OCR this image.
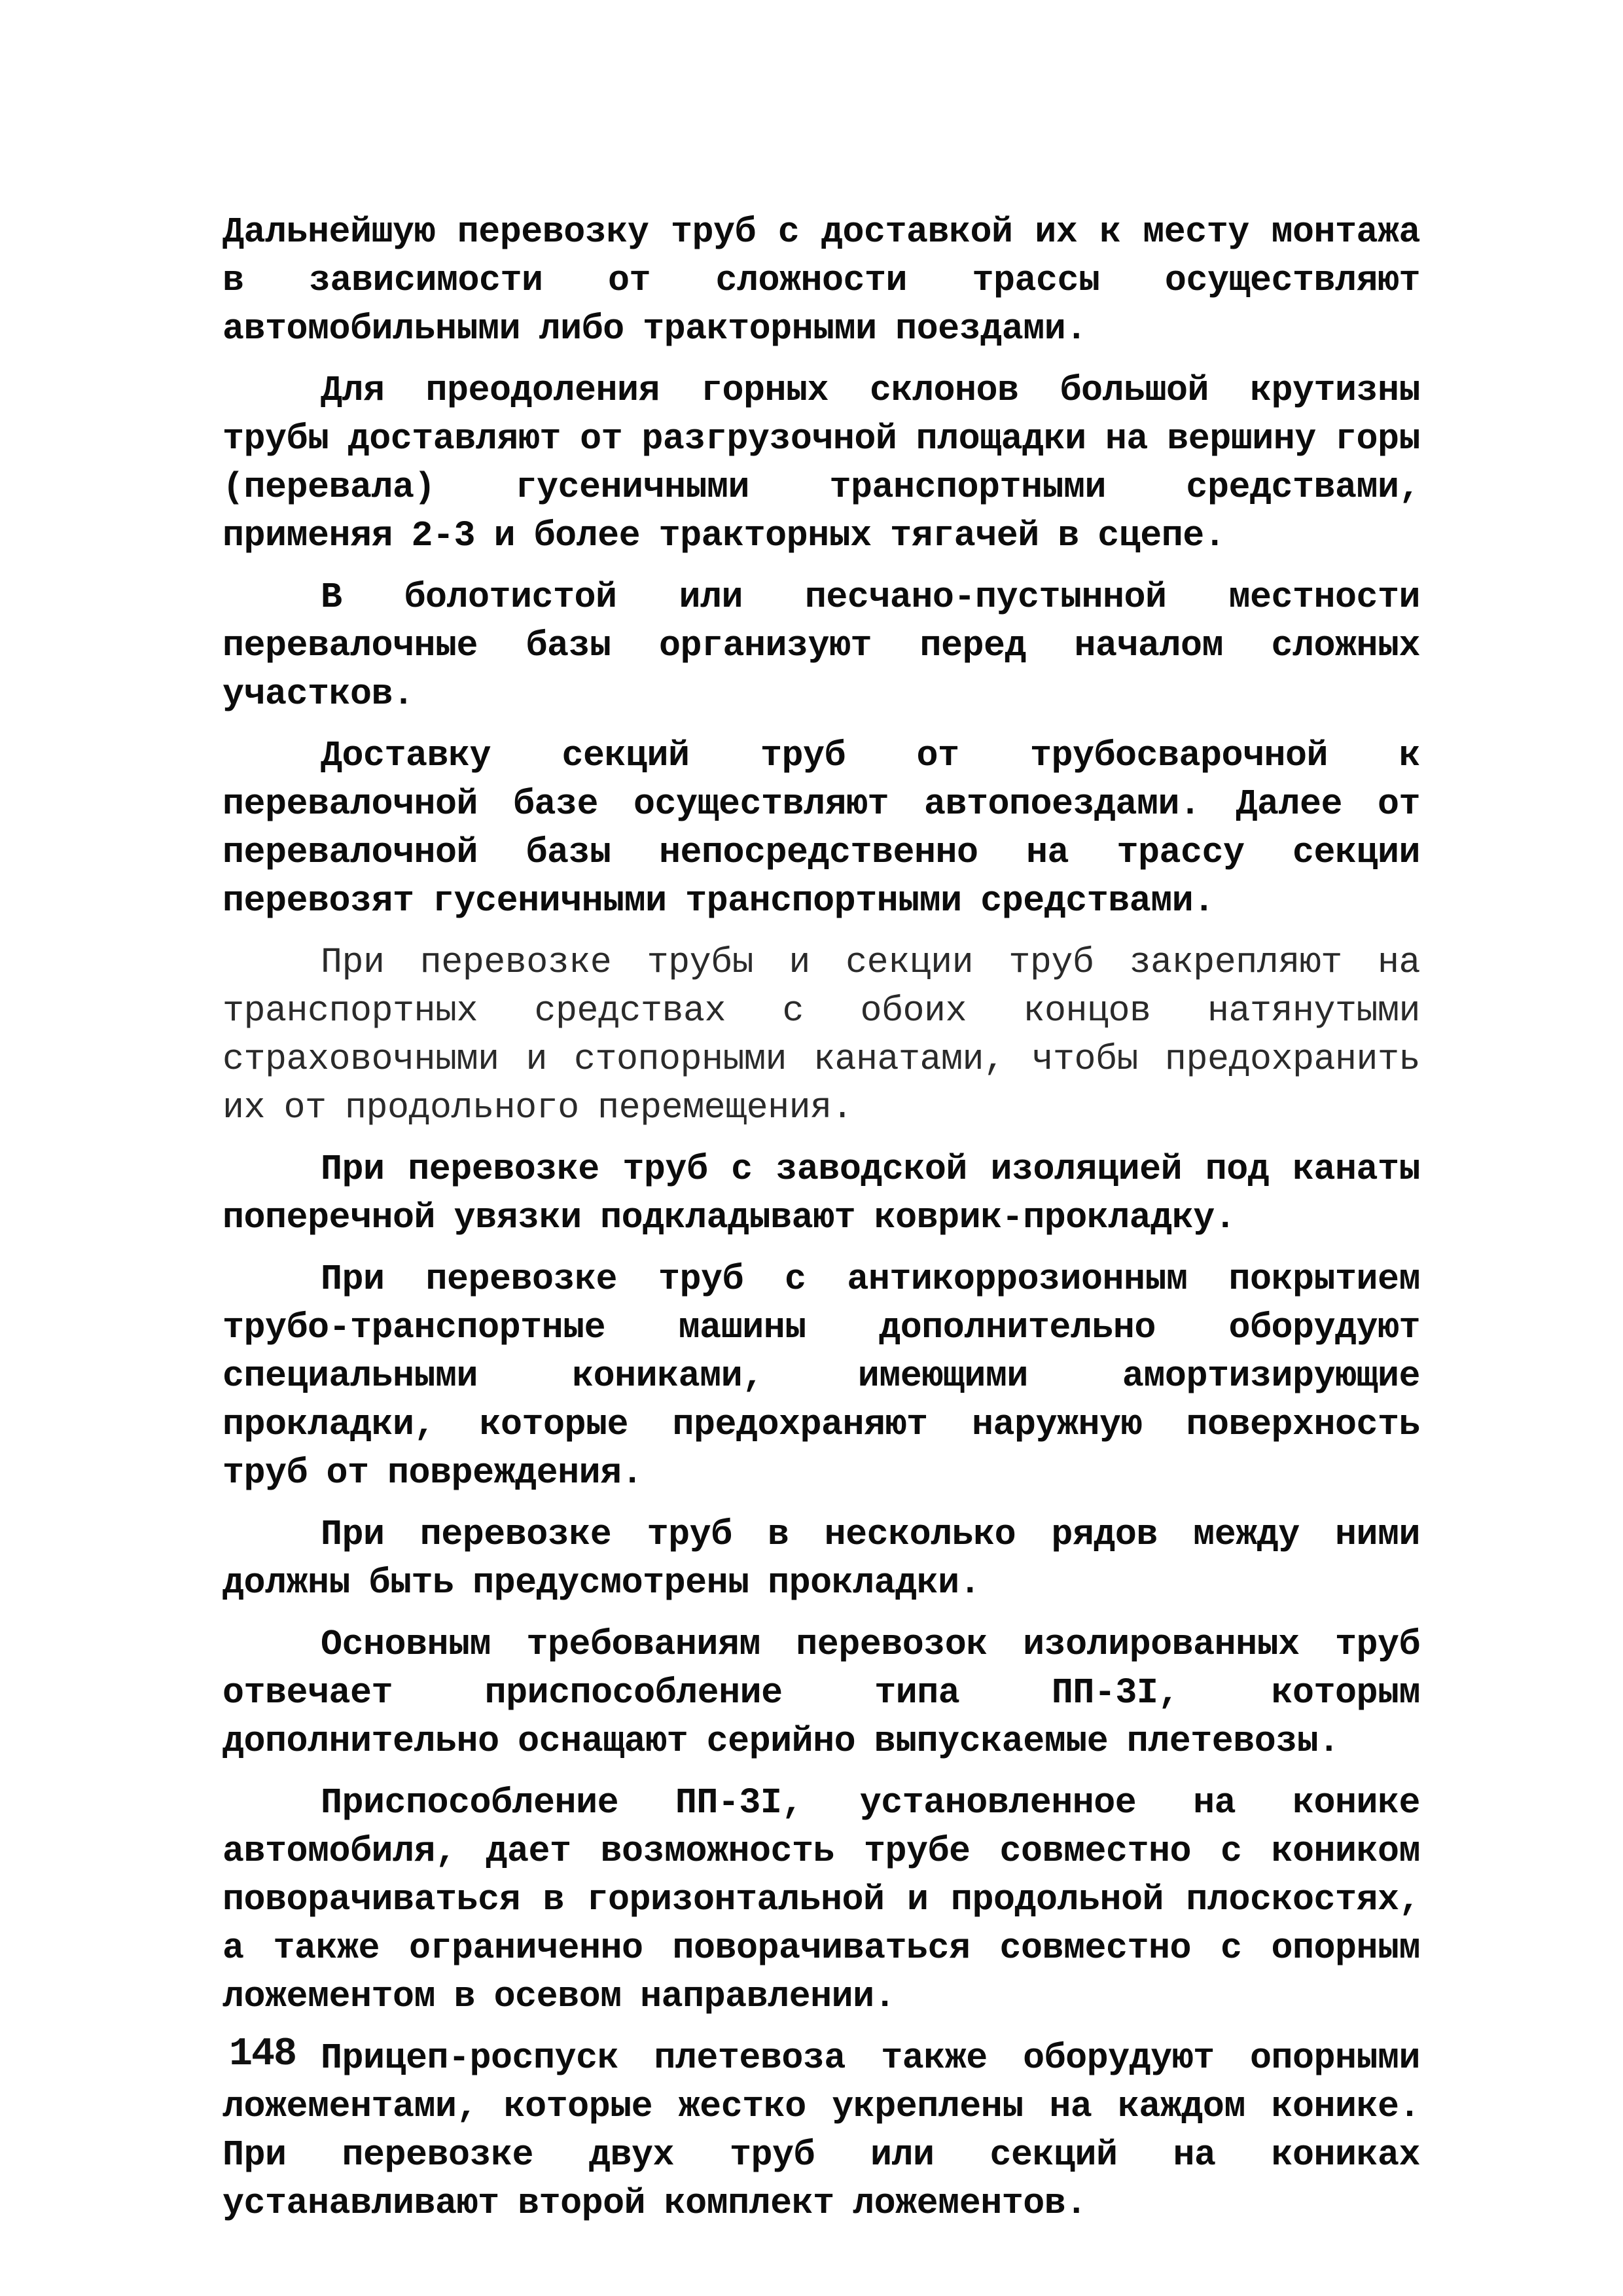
Дальнейшую перевозку труб с доставкой их к месту монтажа в зависимости от сложности трассы осуществляют автомобильными либо тракторными поездами.

Для преодоления горных склонов большой крутизны трубы доставляют от разгрузочной площадки на вершину горы (перевала) гусеничными транспортными средствами, применяя 2-3 и более тракторных тягачей в сцепе.

В болотистой или песчано-пустынной местности перевалочные базы организуют перед началом сложных участков.

Доставку секций труб от трубосварочной к перевалочной базе осуществляют автопоездами. Далее от перевалочной базы непосредственно на трассу секции перевозят гусеничными транспортными средствами.

При перевозке трубы и секции труб закрепляют на транспортных средствах с обоих концов натянутыми страховочными и стопорными канатами, чтобы предохранить их от продольного перемещения.

При перевозке труб с заводской изоляцией под канаты поперечной увязки подкладывают коврик-прокладку.

При перевозке труб с антикоррозионным покрытием трубо-транспортные машины дополнительно оборудуют специальными кониками, имеющими амортизирующие прокладки, которые предохраняют наружную поверхность труб от повреждения.

При перевозке труб в несколько рядов между ними должны быть предусмотрены прокладки.

Основным требованиям перевозок изолированных труб отвечает приспособление типа ПП-3I, которым дополнительно оснащают серийно выпускаемые плетевозы.

Приспособление ПП-3I, установленное на конике автомобиля, дает возможность трубе совместно с коником поворачиваться в горизонтальной и продольной плоскостях, а также ограниченно поворачиваться совместно с опорным ложементом в осевом направлении.

Прицеп-роспуск плетевоза также оборудуют опорными ложементами, которые жестко укреплены на каждом конике. При перевозке двух труб или секций на кониках устанавливают второй комплект ложементов.

148
